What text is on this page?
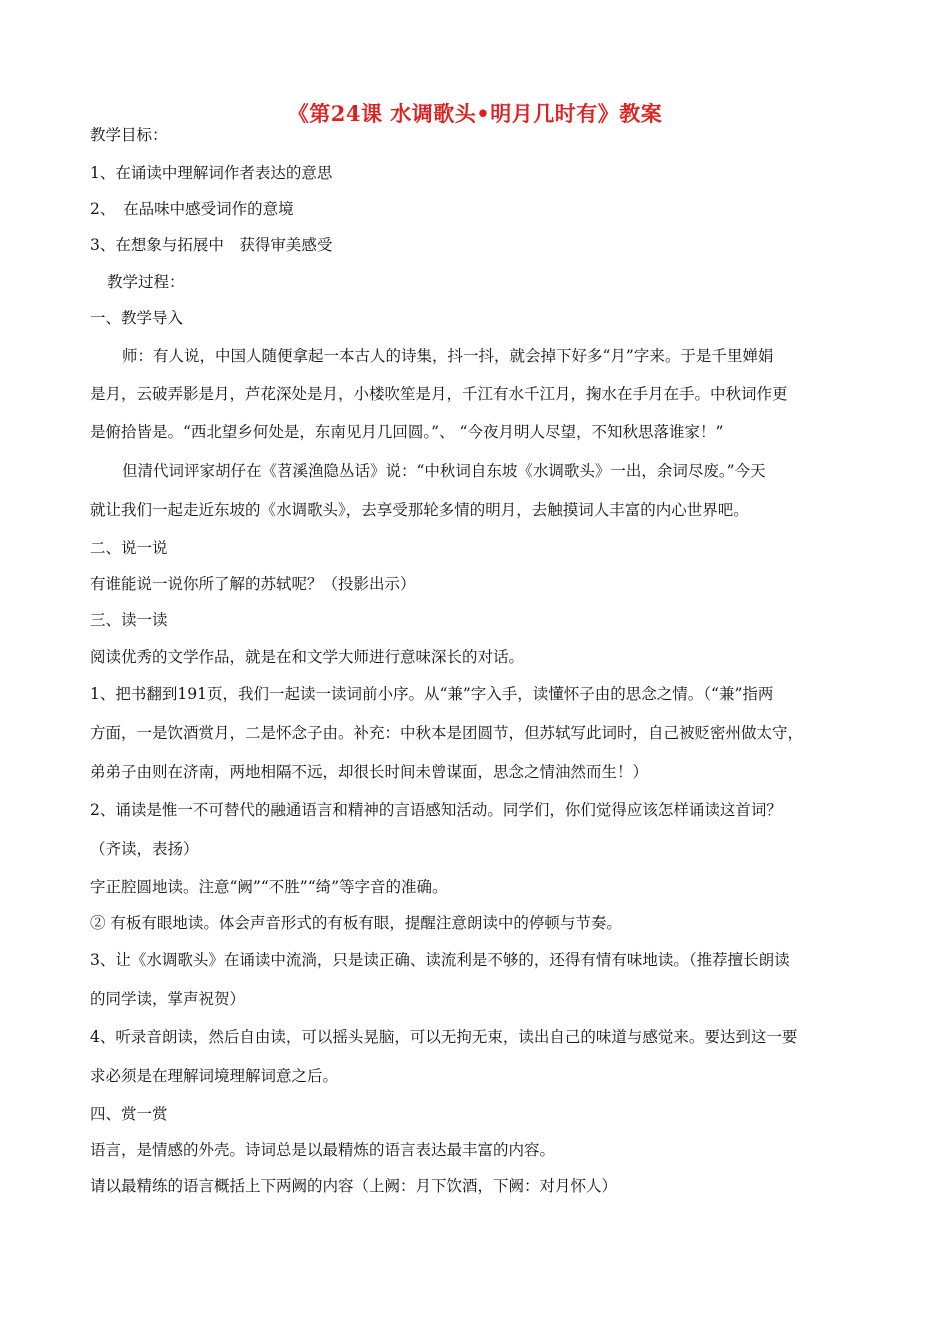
《第24课 水调歌头•明月几时有》教案
教学目标：
1、在诵读中理解词作者表达的意思
2、　在品味中感受词作的意境
3、在想象与拓展中　获得审美感受
教学过程：
一、教学导入
师：有人说，中国人随便拿起一本古人的诗集，抖一抖，就会掉下好多“月”字来。于是千里婵娟
是月，云破弄影是月，芦花深处是月，小楼吹笙是月，千江有水千江月，掬水在手月在手。中秋词作更
是俯拾皆是。“西北望乡何处是，东南见月几回圆。”、 “今夜月明人尽望，不知秋思落谁家！”
但清代词评家胡仔在《苕溪渔隐丛话》说：“中秋词自东坡《水调歌头》一出，余词尽废。”今天
就让我们一起走近东坡的《水调歌头》，去享受那轮多情的明月，去触摸词人丰富的内心世界吧。
二、说一说
有谁能说一说你所了解的苏轼呢？（投影出示）
三、读一读
阅读优秀的文学作品，就是在和文学大师进行意味深长的对话。
1、把书翻到191页，我们一起读一读词前小序。从“兼”字入手，读懂怀子由的思念之情。（“兼”指两
方面，一是饮酒赏月，二是怀念子由。补充：中秋本是团圆节，但苏轼写此词时，自己被贬密州做太守，
弟弟子由则在济南，两地相隔不远，却很长时间未曾谋面，思念之情油然而生！）
2、诵读是惟一不可替代的融通语言和精神的言语感知活动。同学们，你们觉得应该怎样诵读这首词？
（齐读，表扬）
字正腔圆地读。注意“阙”“不胜”“绮”等字音的准确。
② 有板有眼地读。体会声音形式的有板有眼，提醒注意朗读中的停顿与节奏。
3、让《水调歌头》在诵读中流淌，只是读正确、读流利是不够的，还得有情有味地读。（推荐擅长朗读
的同学读，掌声祝贺）
4、听录音朗读，然后自由读，可以摇头晃脑，可以无拘无束，读出自己的味道与感觉来。要达到这一要
求必须是在理解词境理解词意之后。
四、赏一赏
语言，是情感的外壳。诗词总是以最精炼的语言表达最丰富的内容。
请以最精练的语言概括上下两阙的内容（上阙：月下饮酒，下阙：对月怀人）
